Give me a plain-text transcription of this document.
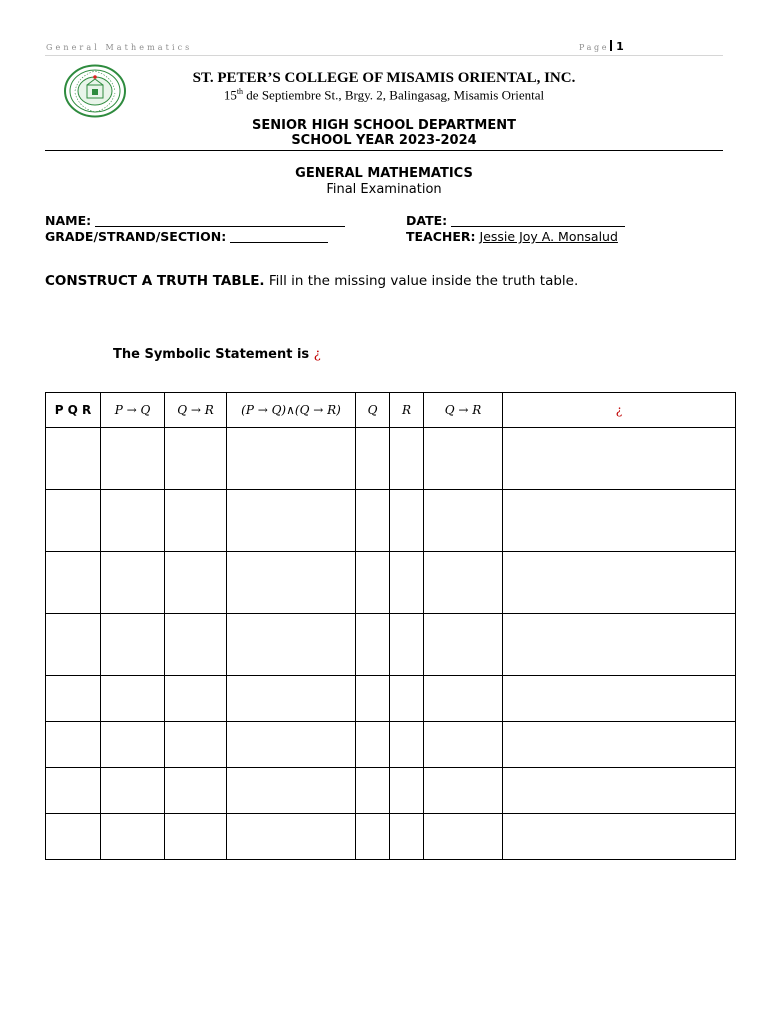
General Mathematics	Page 1
ST. PETER’S COLLEGE OF MISAMIS ORIENTAL, INC.
15th de Septiembre St., Brgy. 2, Balingasag, Misamis Oriental
SENIOR HIGH SCHOOL DEPARTMENT
SCHOOL YEAR 2023-2024
GENERAL MATHEMATICS
Final Examination
NAME:
GRADE/STRAND/SECTION:
DATE:
TEACHER: Jessie Joy A. Monsalud
CONSTRUCT A TRUTH TABLE. Fill in the missing value inside the truth table.
The Symbolic Statement is ¿
P Q R	P → Q	Q → R	(P → Q)∧(Q → R)	Q	R	Q → R	¿
